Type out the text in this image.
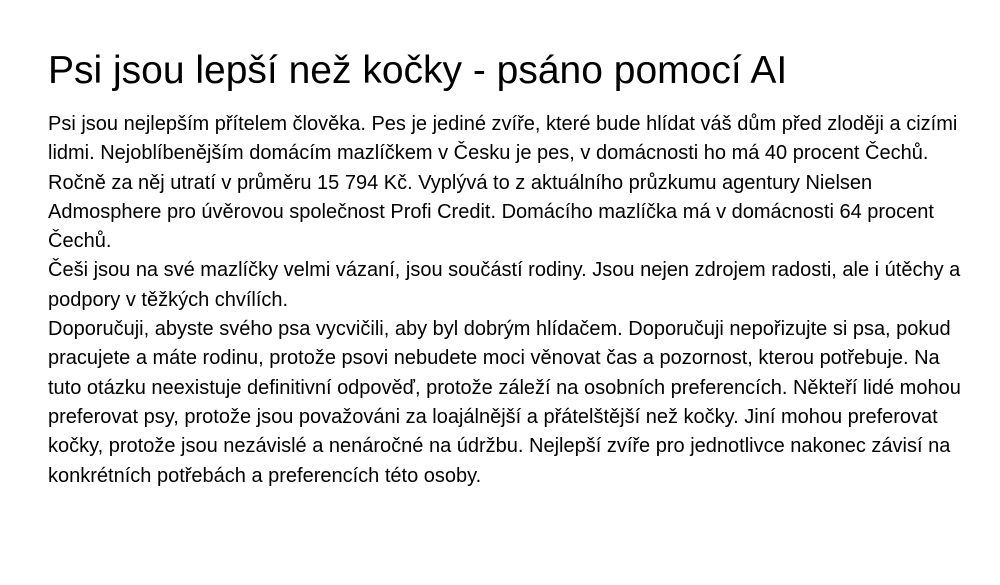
Psi jsou lepší než kočky - psáno pomocí AI

Psi jsou nejlepším přítelem člověka. Pes je jediné zvíře, které bude hlídat váš dům před zloději a cizími lidmi. Nejoblíbenějším domácím mazlíčkem v Česku je pes, v domácnosti ho má 40 procent Čechů. Ročně za něj utratí v průměru 15 794 Kč. Vyplývá to z aktuálního průzkumu agentury Nielsen Admosphere pro úvěrovou společnost Profi Credit. Domácího mazlíčka má v domácnosti 64 procent Čechů.

Češi jsou na své mazlíčky velmi vázaní, jsou součástí rodiny. Jsou nejen zdrojem radosti, ale i útěchy a podpory v těžkých chvílích.

Doporučuji, abyste svého psa vycvičili, aby byl dobrým hlídačem. Doporučuji nepořizujte si psa, pokud pracujete a máte rodinu, protože psovi nebudete moci věnovat čas a pozornost, kterou potřebuje. Na tuto otázku neexistuje definitivní odpověď, protože záleží na osobních preferencích. Někteří lidé mohou preferovat psy, protože jsou považováni za loajálnější a přátelštější než kočky. Jiní mohou preferovat kočky, protože jsou nezávislé a nenáročné na údržbu. Nejlepší zvíře pro jednotlivce nakonec závisí na konkrétních potřebách a preferencích této osoby.
